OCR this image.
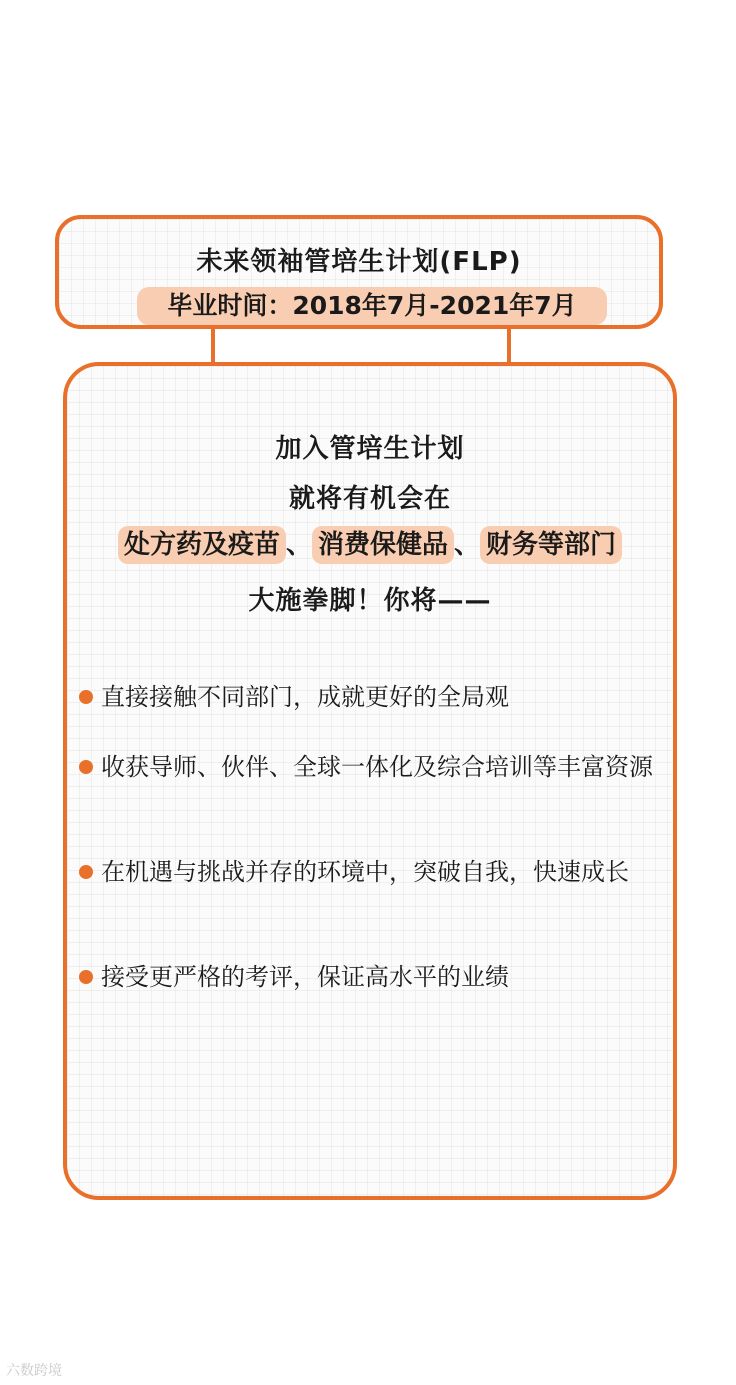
未来领袖管培生计划(FLP)
毕业时间：2018年7月-2021年7月
加入管培生计划
就将有机会在
处方药及疫苗 、 消费保健品 、 财务等部门
大施拳脚！你将——
直接接触不同部门，成就更好的全局观
收获导师、伙伴、全球一体化及综合培训等丰富资源
在机遇与挑战并存的环境中，突破自我，快速成长
接受更严格的考评，保证高水平的业绩
六数跨境
